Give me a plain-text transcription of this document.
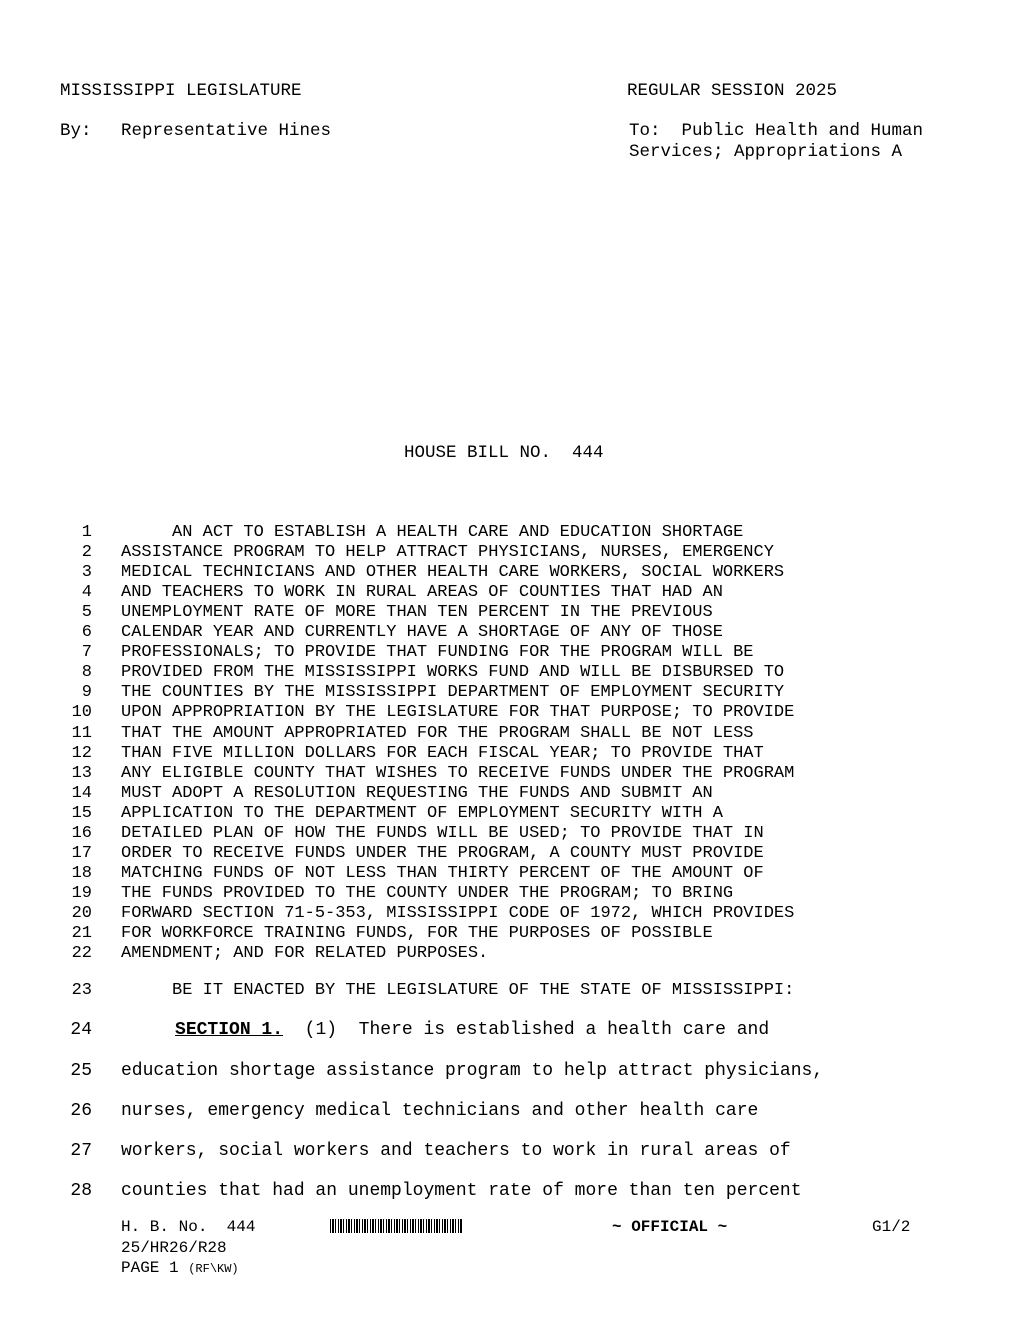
MISSISSIPPI LEGISLATURE	REGULAR SESSION 2025
By: Representative Hines	To:  Public Health and Human
Services; Appropriations A
HOUSE BILL NO.  444
1 AN ACT TO ESTABLISH A HEALTH CARE AND EDUCATION SHORTAGE
2 ASSISTANCE PROGRAM TO HELP ATTRACT PHYSICIANS, NURSES, EMERGENCY
3 MEDICAL TECHNICIANS AND OTHER HEALTH CARE WORKERS, SOCIAL WORKERS
4 AND TEACHERS TO WORK IN RURAL AREAS OF COUNTIES THAT HAD AN
5 UNEMPLOYMENT RATE OF MORE THAN TEN PERCENT IN THE PREVIOUS
6 CALENDAR YEAR AND CURRENTLY HAVE A SHORTAGE OF ANY OF THOSE
7 PROFESSIONALS; TO PROVIDE THAT FUNDING FOR THE PROGRAM WILL BE
8 PROVIDED FROM THE MISSISSIPPI WORKS FUND AND WILL BE DISBURSED TO
9 THE COUNTIES BY THE MISSISSIPPI DEPARTMENT OF EMPLOYMENT SECURITY
10 UPON APPROPRIATION BY THE LEGISLATURE FOR THAT PURPOSE; TO PROVIDE
11 THAT THE AMOUNT APPROPRIATED FOR THE PROGRAM SHALL BE NOT LESS
12 THAN FIVE MILLION DOLLARS FOR EACH FISCAL YEAR; TO PROVIDE THAT
13 ANY ELIGIBLE COUNTY THAT WISHES TO RECEIVE FUNDS UNDER THE PROGRAM
14 MUST ADOPT A RESOLUTION REQUESTING THE FUNDS AND SUBMIT AN
15 APPLICATION TO THE DEPARTMENT OF EMPLOYMENT SECURITY WITH A
16 DETAILED PLAN OF HOW THE FUNDS WILL BE USED; TO PROVIDE THAT IN
17 ORDER TO RECEIVE FUNDS UNDER THE PROGRAM, A COUNTY MUST PROVIDE
18 MATCHING FUNDS OF NOT LESS THAN THIRTY PERCENT OF THE AMOUNT OF
19 THE FUNDS PROVIDED TO THE COUNTY UNDER THE PROGRAM; TO BRING
20 FORWARD SECTION 71-5-353, MISSISSIPPI CODE OF 1972, WHICH PROVIDES
21 FOR WORKFORCE TRAINING FUNDS, FOR THE PURPOSES OF POSSIBLE
22 AMENDMENT; AND FOR RELATED PURPOSES.
23 BE IT ENACTED BY THE LEGISLATURE OF THE STATE OF MISSISSIPPI:
24	SECTION 1.  (1)  There is established a health care and
25 education shortage assistance program to help attract physicians,
26 nurses, emergency medical technicians and other health care
27 workers, social workers and teachers to work in rural areas of
28 counties that had an unemployment rate of more than ten percent
H. B. No.  444	~ OFFICIAL ~	G1/2
25/HR26/R28
PAGE 1 (RF\KW)
